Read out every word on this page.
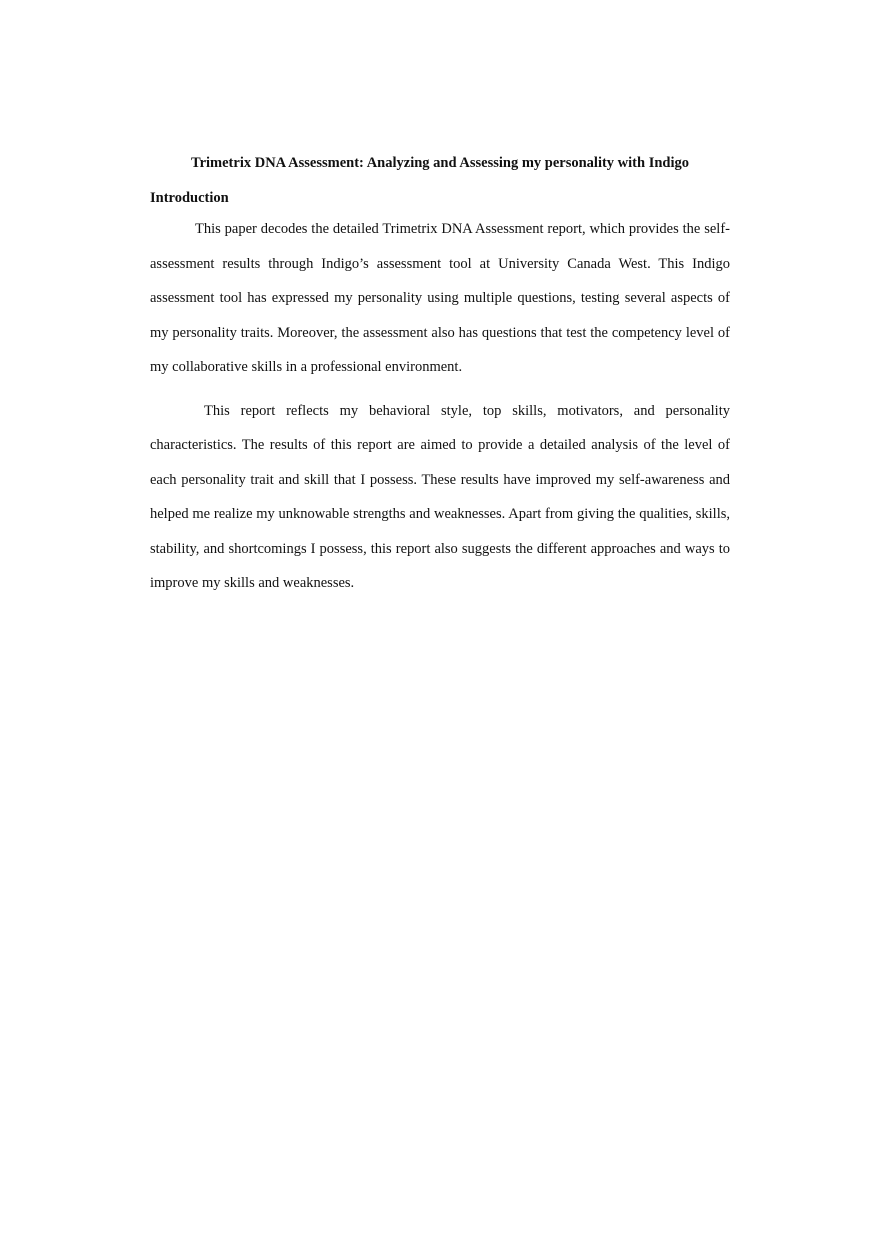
Trimetrix DNA Assessment: Analyzing and Assessing my personality with Indigo
Introduction

This paper decodes the detailed Trimetrix DNA Assessment report, which provides the self-assessment results through Indigo’s assessment tool at University Canada West. This Indigo assessment tool has expressed my personality using multiple questions, testing several aspects of my personality traits. Moreover, the assessment also has questions that test the competency level of my collaborative skills in a professional environment.

This report reflects my behavioral style, top skills, motivators, and personality characteristics. The results of this report are aimed to provide a detailed analysis of the level of each personality trait and skill that I possess. These results have improved my self-awareness and helped me realize my unknowable strengths and weaknesses. Apart from giving the qualities, skills, stability, and shortcomings I possess, this report also suggests the different approaches and ways to improve my skills and weaknesses.
